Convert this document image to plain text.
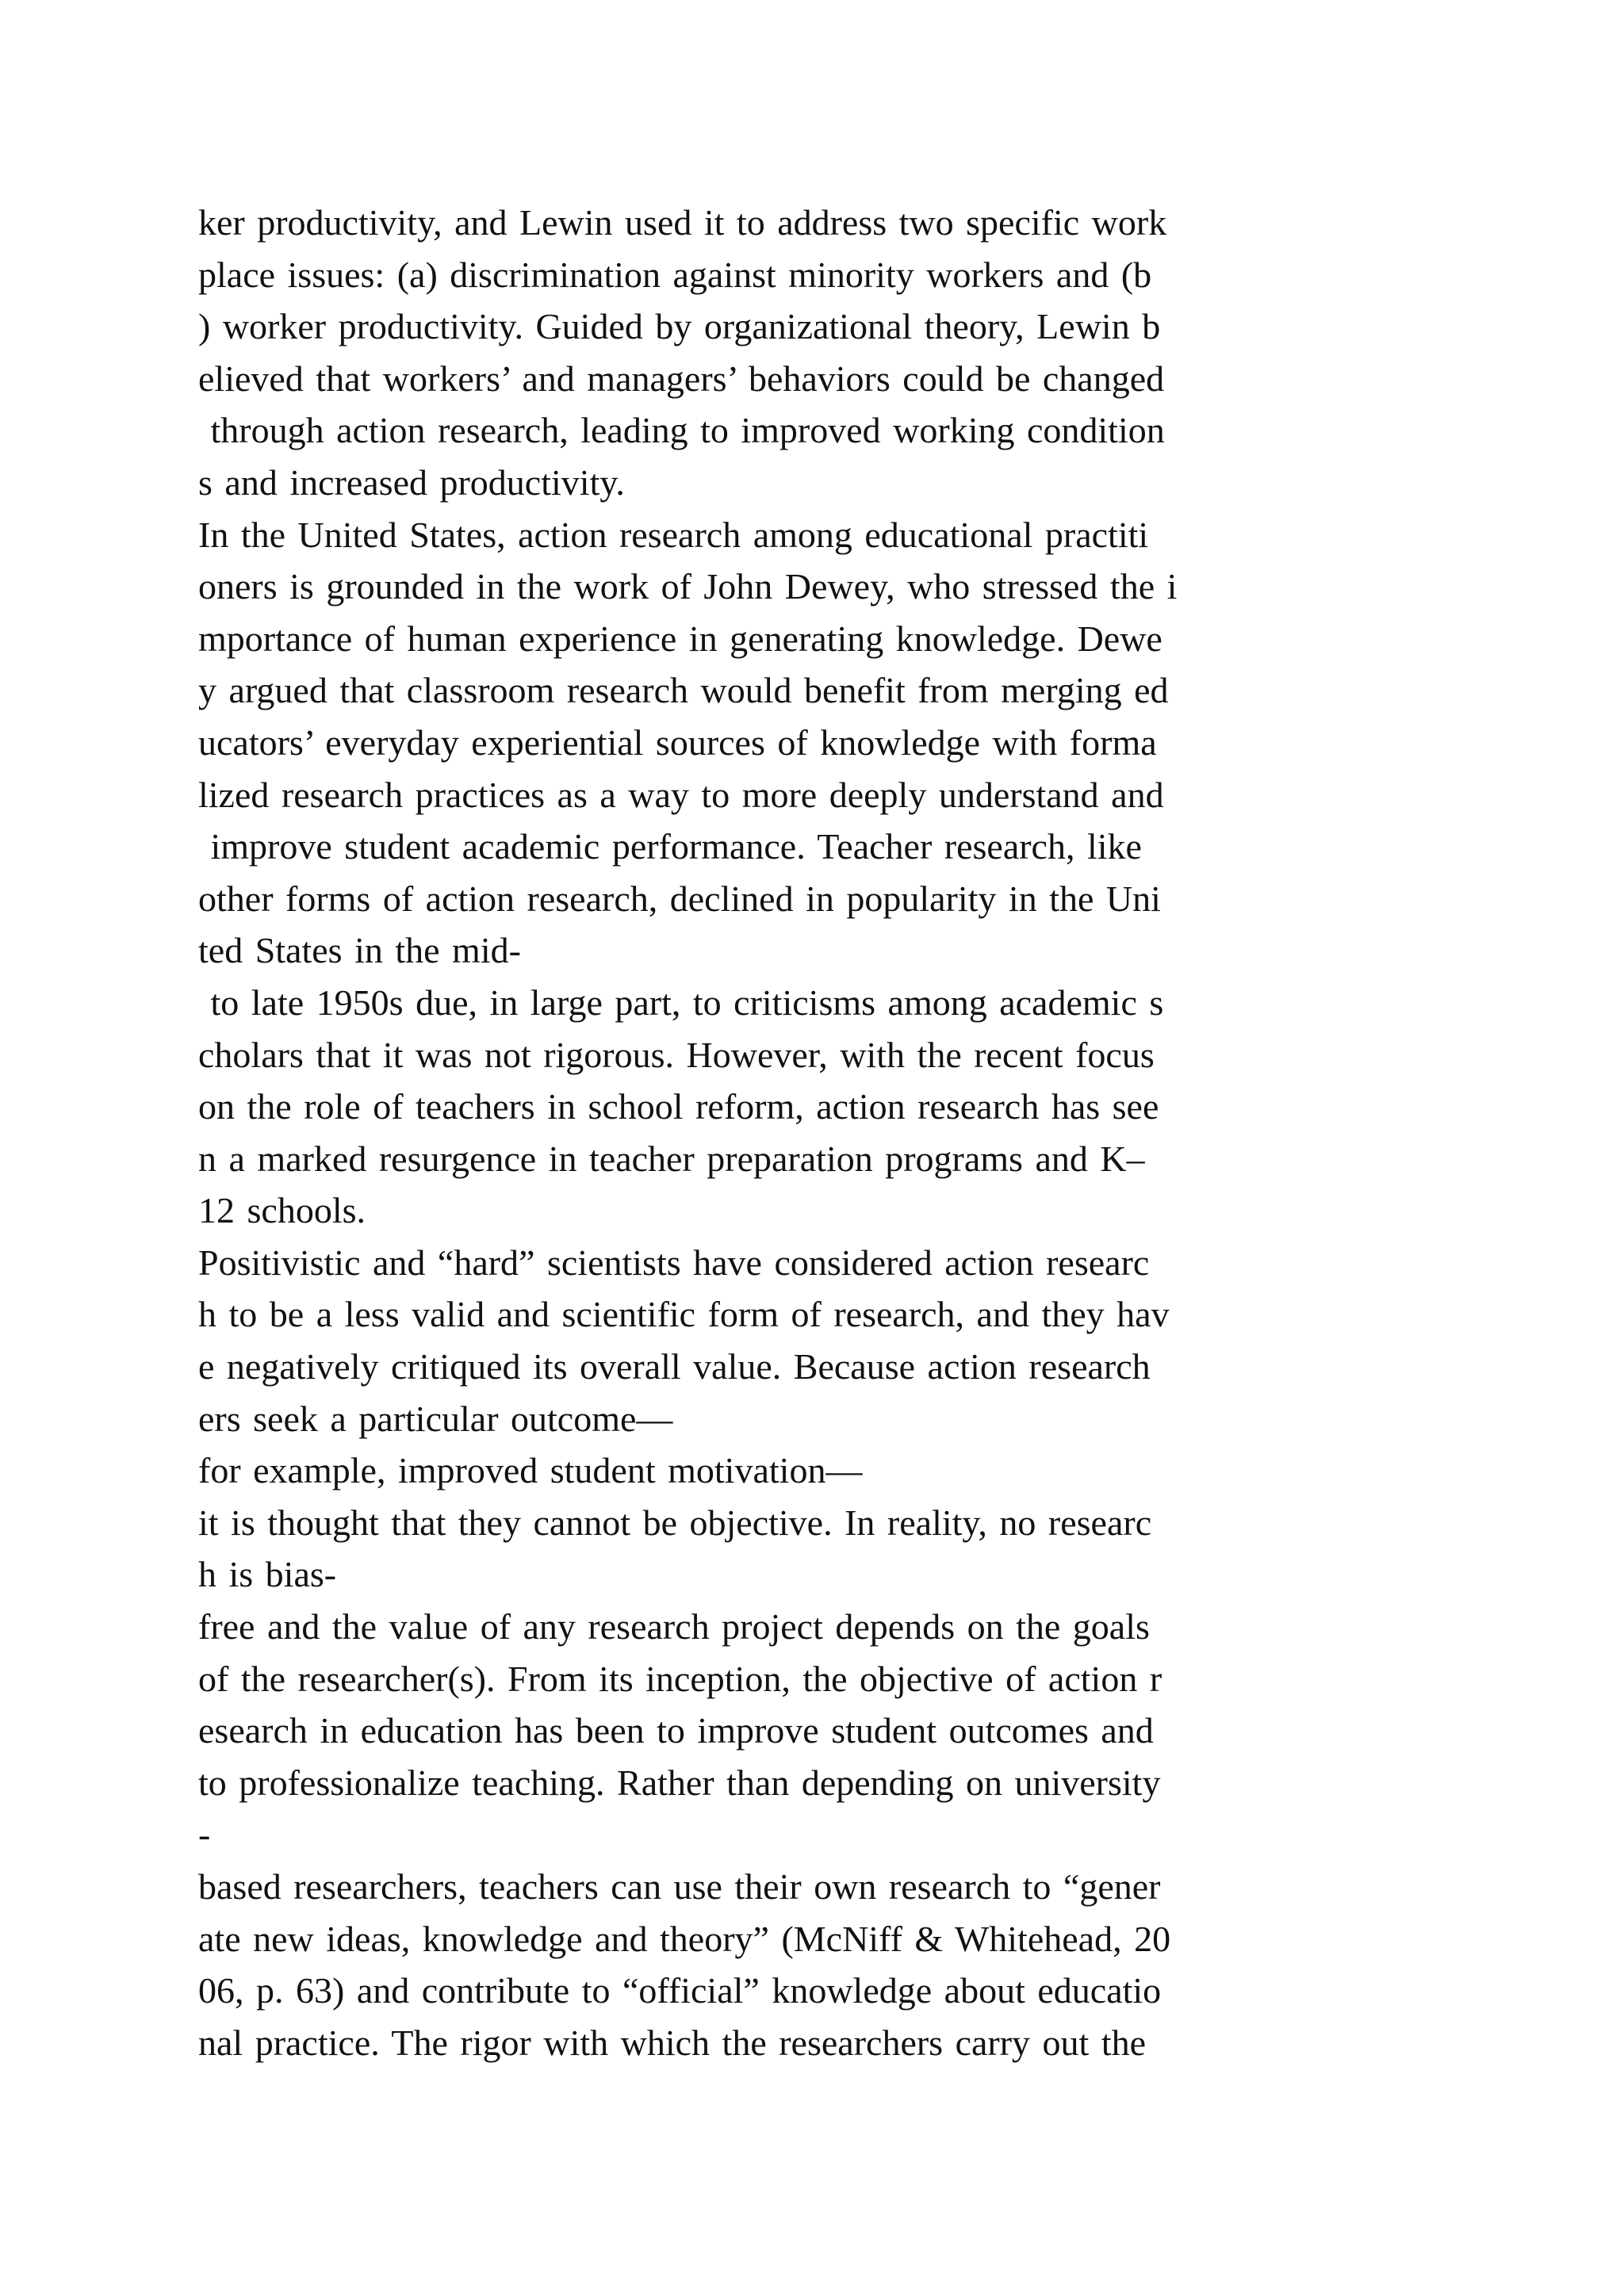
ker productivity, and Lewin used it to address two specific work
place issues: (a) discrimination against minority workers and (b
) worker productivity. Guided by organizational theory, Lewin b
elieved that workers’ and managers’ behaviors could be changed
through action research, leading to improved working condition
s and increased productivity.
In the United States, action research among educational practiti
oners is grounded in the work of John Dewey, who stressed the i
mportance of human experience in generating knowledge. Dewe
y argued that classroom research would benefit from merging ed
ucators’ everyday experiential sources of knowledge with forma
lized research practices as a way to more deeply understand and
improve student academic performance. Teacher research, like
other forms of action research, declined in popularity in the Uni
ted States in the mid-
to late 1950s due, in large part, to criticisms among academic s
cholars that it was not rigorous. However, with the recent focus
on the role of teachers in school reform, action research has see
n a marked resurgence in teacher preparation programs and K–
12 schools.
Positivistic and “hard” scientists have considered action researc
h to be a less valid and scientific form of research, and they hav
e negatively critiqued its overall value. Because action research
ers seek a particular outcome—
for example, improved student motivation—
it is thought that they cannot be objective. In reality, no researc
h is bias-
free and the value of any research project depends on the goals
of the researcher(s). From its inception, the objective of action r
esearch in education has been to improve student outcomes and
to professionalize teaching. Rather than depending on university
-
based researchers, teachers can use their own research to “gener
ate new ideas, knowledge and theory” (McNiff & Whitehead, 20
06, p. 63) and contribute to “official” knowledge about educatio
nal practice. The rigor with which the researchers carry out the
